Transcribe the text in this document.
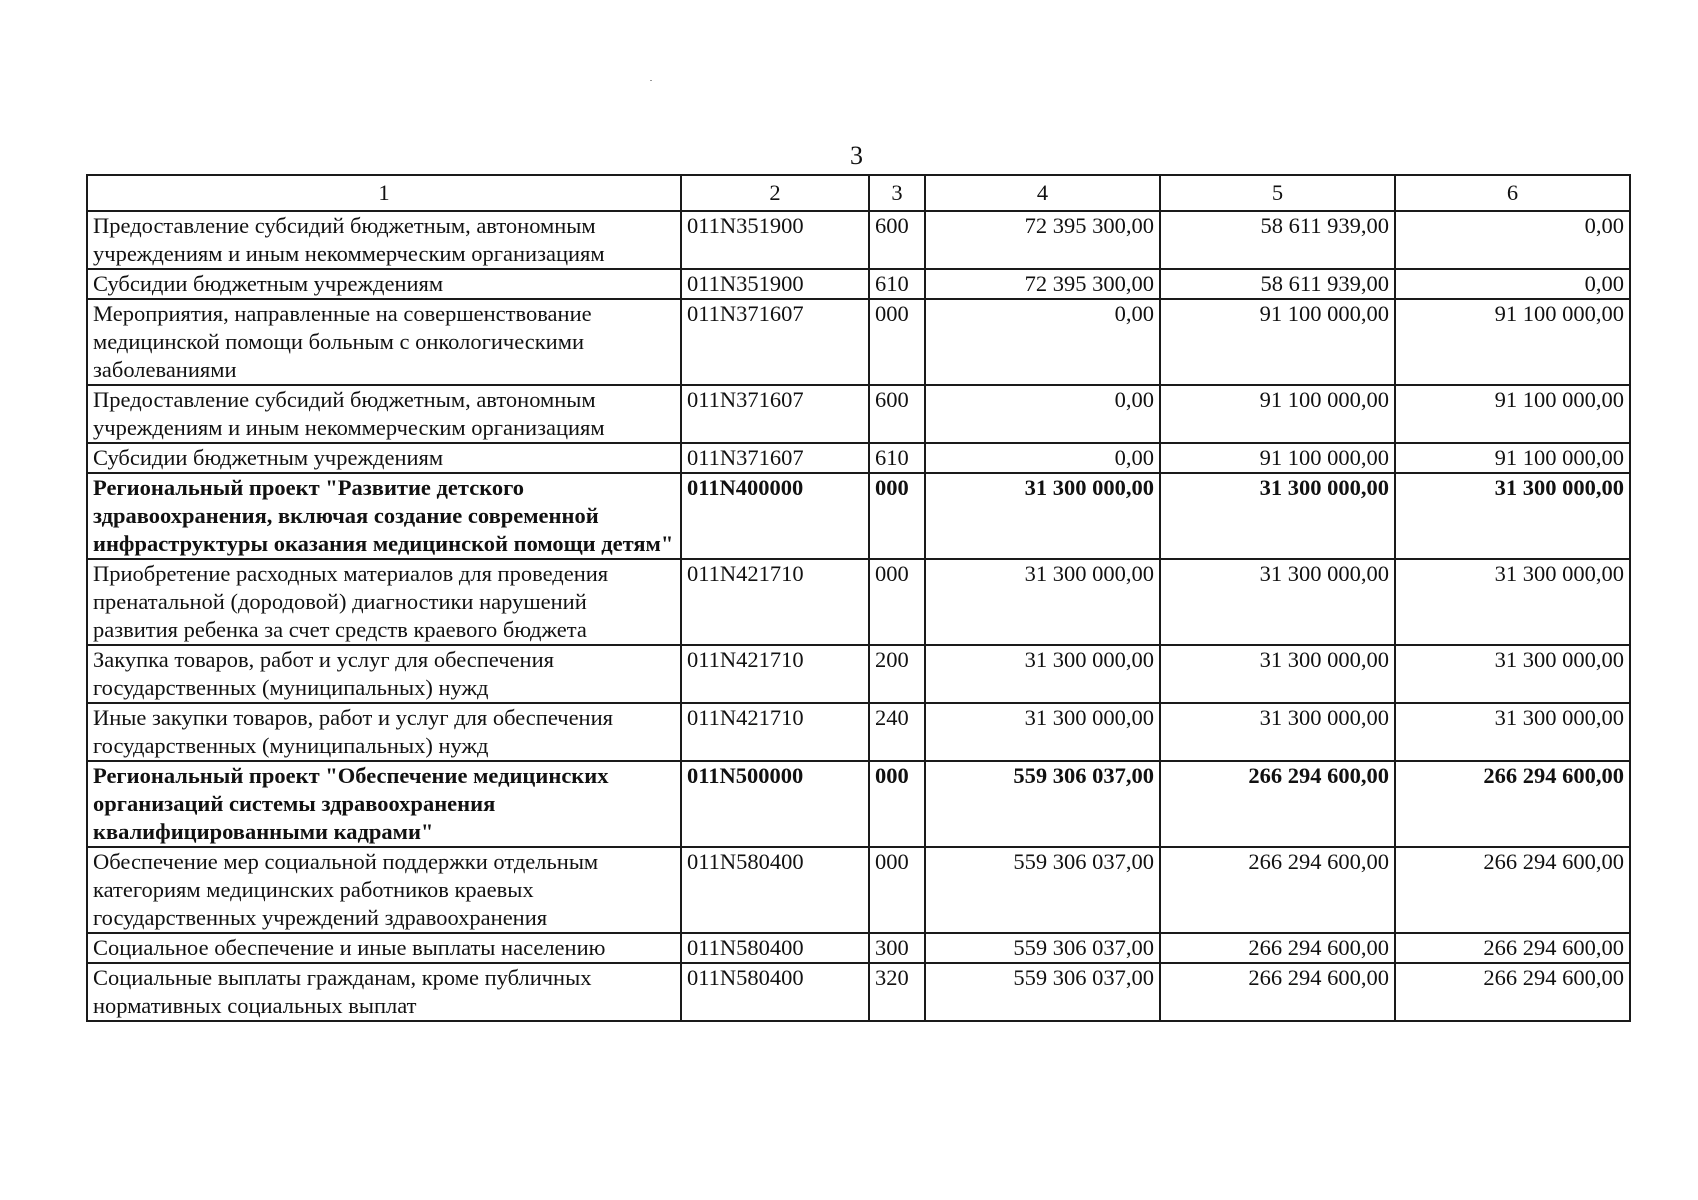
3
1	2	3	4	5	6
Предоставление субсидий бюджетным, автономным учреждениям и иным некоммерческим организациям	011N351900	600	72 395 300,00	58 611 939,00	0,00
Субсидии бюджетным учреждениям	011N351900	610	72 395 300,00	58 611 939,00	0,00
Мероприятия, направленные на совершенствование медицинской помощи больным с онкологическими заболеваниями	011N371607	000	0,00	91 100 000,00	91 100 000,00
Предоставление субсидий бюджетным, автономным учреждениям и иным некоммерческим организациям	011N371607	600	0,00	91 100 000,00	91 100 000,00
Субсидии бюджетным учреждениям	011N371607	610	0,00	91 100 000,00	91 100 000,00
Региональный проект "Развитие детского здравоохранения, включая создание современной инфраструктуры оказания медицинской помощи детям"	011N400000	000	31 300 000,00	31 300 000,00	31 300 000,00
Приобретение расходных материалов для проведения пренатальной (дородовой) диагностики нарушений развития ребенка за счет средств краевого бюджета	011N421710	000	31 300 000,00	31 300 000,00	31 300 000,00
Закупка товаров, работ и услуг для обеспечения государственных (муниципальных) нужд	011N421710	200	31 300 000,00	31 300 000,00	31 300 000,00
Иные закупки товаров, работ и услуг для обеспечения государственных (муниципальных) нужд	011N421710	240	31 300 000,00	31 300 000,00	31 300 000,00
Региональный проект "Обеспечение медицинских организаций системы здравоохранения квалифицированными кадрами"	011N500000	000	559 306 037,00	266 294 600,00	266 294 600,00
Обеспечение мер социальной поддержки отдельным категориям медицинских работников краевых государственных учреждений здравоохранения	011N580400	000	559 306 037,00	266 294 600,00	266 294 600,00
Социальное обеспечение и иные выплаты населению	011N580400	300	559 306 037,00	266 294 600,00	266 294 600,00
Социальные выплаты гражданам, кроме публичных нормативных социальных выплат	011N580400	320	559 306 037,00	266 294 600,00	266 294 600,00
